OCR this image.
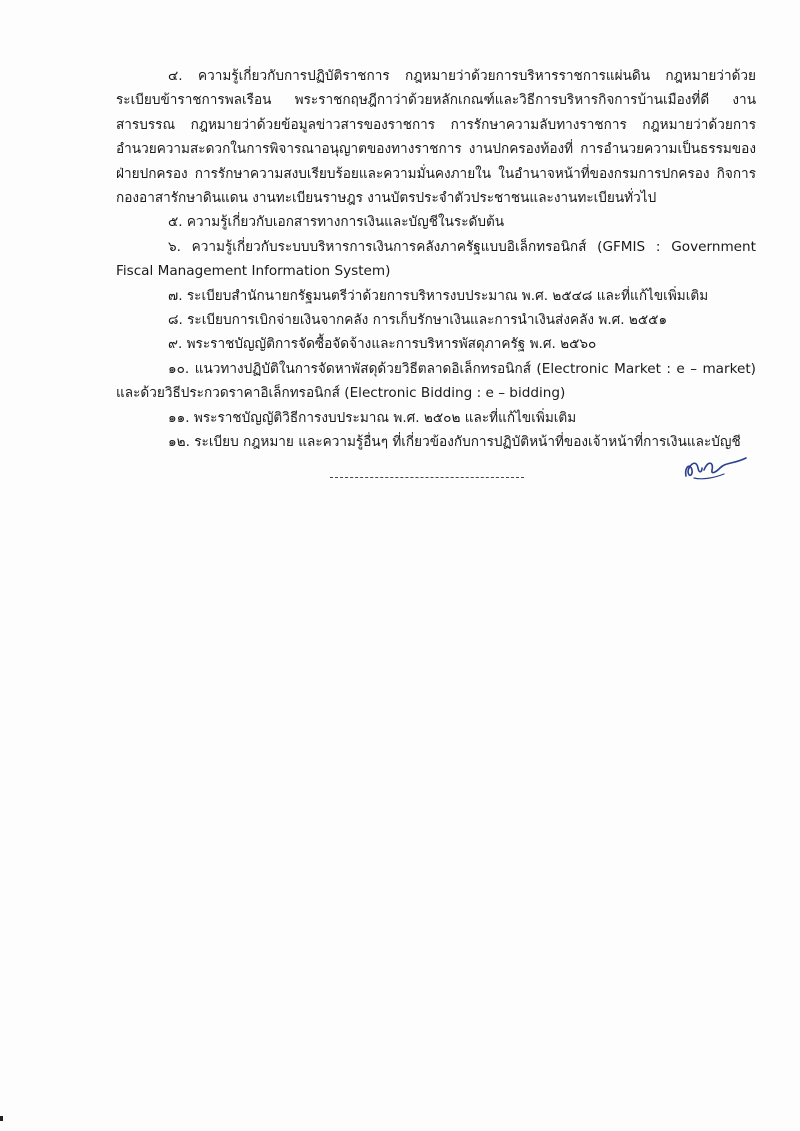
๔. ความรู้เกี่ยวกับการปฏิบัติราชการ กฎหมายว่าด้วยการบริหารราชการแผ่นดิน กฎหมายว่าด้วยระเบียบข้าราชการพลเรือน พระราชกฤษฎีกาว่าด้วยหลักเกณฑ์และวิธีการบริหารกิจการบ้านเมืองที่ดี งานสารบรรณ กฎหมายว่าด้วยข้อมูลข่าวสารของราชการ การรักษาความลับทางราชการ กฎหมายว่าด้วยการอำนวยความสะดวกในการพิจารณาอนุญาตของทางราชการ งานปกครองท้องที่ การอำนวยความเป็นธรรมของฝ่ายปกครอง การรักษาความสงบเรียบร้อยและความมั่นคงภายใน ในอำนาจหน้าที่ของกรมการปกครอง กิจการกองอาสารักษาดินแดน งานทะเบียนราษฎร งานบัตรประจำตัวประชาชนและงานทะเบียนทั่วไป

๕. ความรู้เกี่ยวกับเอกสารทางการเงินและบัญชีในระดับต้น

๖. ความรู้เกี่ยวกับระบบบริหารการเงินการคลังภาครัฐแบบอิเล็กทรอนิกส์ (GFMIS : Government Fiscal Management Information System)

๗. ระเบียบสำนักนายกรัฐมนตรีว่าด้วยการบริหารงบประมาณ พ.ศ. ๒๕๔๘ และที่แก้ไขเพิ่มเติม

๘. ระเบียบการเบิกจ่ายเงินจากคลัง การเก็บรักษาเงินและการนำเงินส่งคลัง พ.ศ. ๒๕๕๑

๙. พระราชบัญญัติการจัดซื้อจัดจ้างและการบริหารพัสดุภาครัฐ พ.ศ. ๒๕๖๐

๑๐. แนวทางปฏิบัติในการจัดหาพัสดุด้วยวิธีตลาดอิเล็กทรอนิกส์ (Electronic Market : e – market) และด้วยวิธีประกวดราคาอิเล็กทรอนิกส์ (Electronic Bidding : e – bidding)

๑๑. พระราชบัญญัติวิธีการงบประมาณ พ.ศ. ๒๕๐๒ และที่แก้ไขเพิ่มเติม

๑๒. ระเบียบ กฎหมาย และความรู้อื่นๆ ที่เกี่ยวข้องกับการปฏิบัติหน้าที่ของเจ้าหน้าที่การเงินและบัญชี
